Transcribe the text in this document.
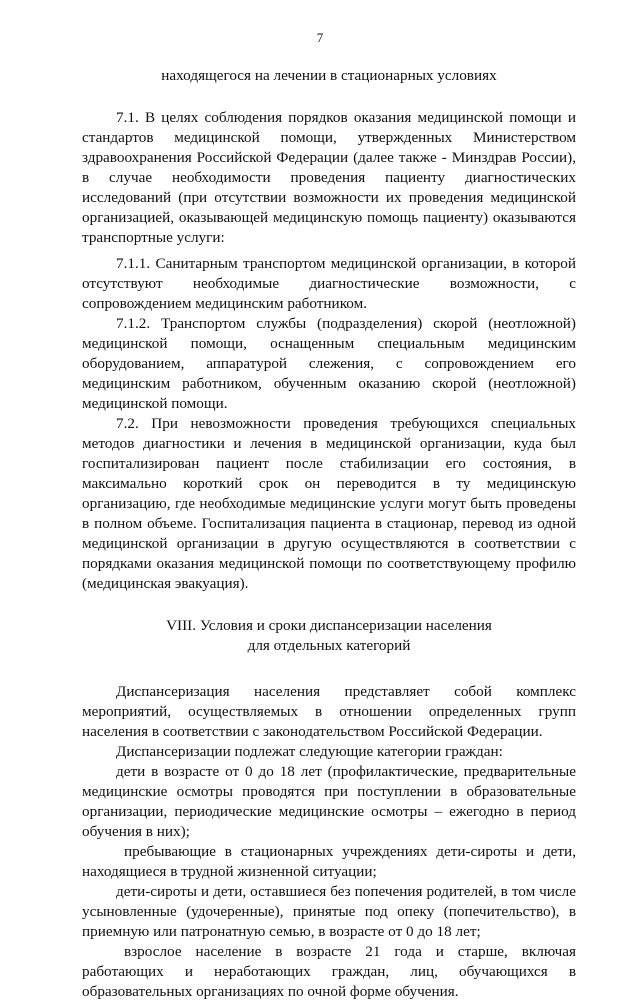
7

находящегося на лечении в стационарных условиях

7.1. В целях соблюдения порядков оказания медицинской помощи и стандартов медицинской помощи, утвержденных Министерством здравоохранения Российской Федерации (далее также - Минздрав России), в случае необходимости проведения пациенту диагностических исследований (при отсутствии возможности их проведения медицинской организацией, оказывающей медицинскую помощь пациенту) оказываются транспортные услуги:

7.1.1. Санитарным транспортом медицинской организации, в которой отсутствуют необходимые диагностические возможности, с сопровождением медицинским работником.

7.1.2. Транспортом службы (подразделения) скорой (неотложной) медицинской помощи, оснащенным специальным медицинским оборудованием, аппаратурой слежения, с сопровождением его медицинским работником, обученным оказанию скорой (неотложной) медицинской помощи.

7.2. При невозможности проведения требующихся специальных методов диагностики и лечения в медицинской организации, куда был госпитализирован пациент после стабилизации его состояния, в максимально короткий срок он переводится в ту медицинскую организацию, где необходимые медицинские услуги могут быть проведены в полном объеме. Госпитализация пациента в стационар, перевод из одной медицинской организации в другую осуществляются в соответствии с порядками оказания медицинской помощи по соответствующему профилю (медицинская эвакуация).

VIII. Условия и сроки диспансеризации населения

для отдельных категорий

Диспансеризация населения представляет собой комплекс мероприятий, осуществляемых в отношении определенных групп населения в соответствии с законодательством Российской Федерации.

Диспансеризации подлежат следующие категории граждан:

дети в возрасте от 0 до 18 лет (профилактические, предварительные медицинские осмотры проводятся при поступлении в образовательные организации, периодические медицинские осмотры – ежегодно в период обучения в них);

пребывающие в стационарных учреждениях дети-сироты и дети, находящиеся в трудной жизненной ситуации;

дети-сироты и дети, оставшиеся без попечения родителей, в том числе усыновленные (удочеренные), принятые под опеку (попечительство), в приемную или патронатную семью, в возрасте от 0 до 18 лет;

взрослое население в возрасте 21 года и старше, включая работающих и неработающих граждан, лиц, обучающихся в образовательных организациях по очной форме обучения.
